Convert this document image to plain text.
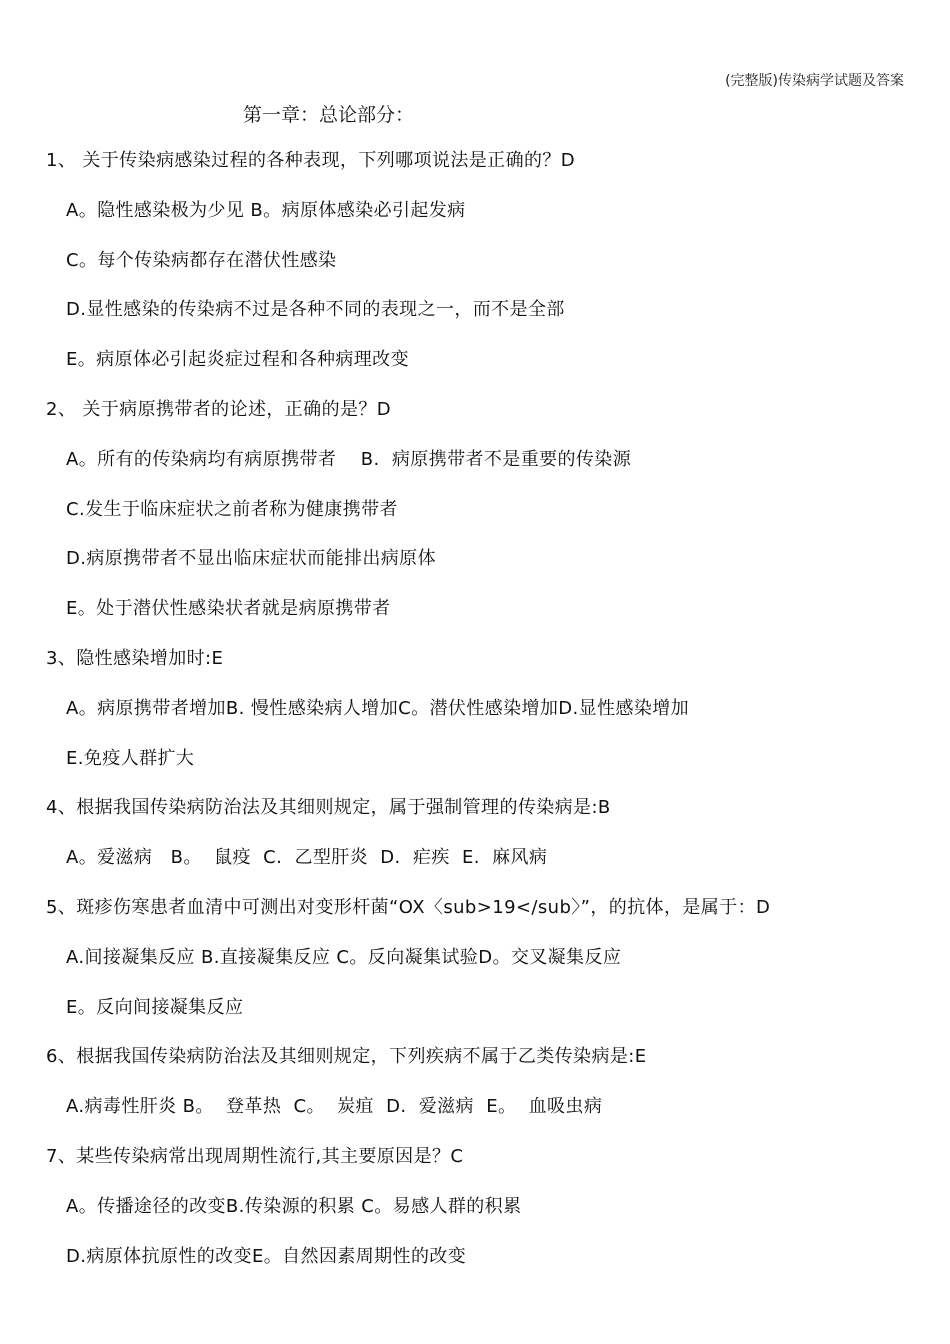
(完整版)传染病学试题及答案
第一章：总论部分：
1、 关于传染病感染过程的各种表现，下列哪项说法是正确的？D
A。隐性感染极为少见 B。病原体感染必引起发病
C。每个传染病都存在潜伏性感染
D.显性感染的传染病不过是各种不同的表现之一，而不是全部
E。病原体必引起炎症过程和各种病理改变
2、 关于病原携带者的论述，正确的是？D
A。所有的传染病均有病原携带者    B.  病原携带者不是重要的传染源
C.发生于临床症状之前者称为健康携带者
D.病原携带者不显出临床症状而能排出病原体
E。处于潜伏性感染状者就是病原携带者
3、隐性感染增加时:E
A。病原携带者增加B. 慢性感染病人增加C。潜伏性感染增加D.显性感染增加
E.免疫人群扩大
4、根据我国传染病防治法及其细则规定，属于强制管理的传染病是:B
A。爱滋病   B。  鼠疫  C.  乙型肝炎  D.  疟疾  E.  麻风病
5、斑疹伤寒患者血清中可测出对变形杆菌“OX〈sub>19</sub〉”，的抗体，是属于：D
A.间接凝集反应 B.直接凝集反应 C。反向凝集试验D。交叉凝集反应
E。反向间接凝集反应
6、根据我国传染病防治法及其细则规定，下列疾病不属于乙类传染病是:E
A.病毒性肝炎 B。  登革热  C。  炭疽  D.  爱滋病  E。  血吸虫病
7、某些传染病常出现周期性流行,其主要原因是？C
A。传播途径的改变B.传染源的积累 C。易感人群的积累
D.病原体抗原性的改变E。自然因素周期性的改变
